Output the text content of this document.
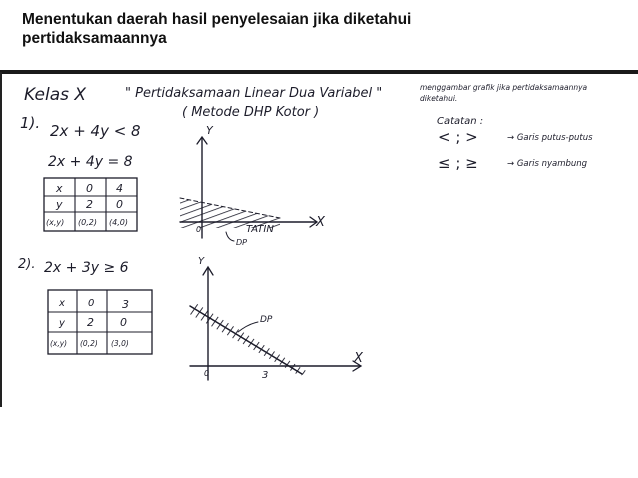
Menentukan daerah hasil penyelesaian jika diketahui
pertidaksamaannya
Kelas X	" Pertidaksamaan Linear Dua Variabel "
( Metode DHP Kotor )
menggambar grafik jika pertidaksamaannya
diketahui.
Catatan :
< ; >	→ Garis putus-putus
≤ ; ≥	→ Garis nyambung
1). 2x + 4y < 8
2x + 4y = 8
x 0 4
y 2 0
(x,y) (0,2) (4,0)
Y
X
0	TATIN
DP
2). 2x + 3y ≥ 6
x 0	3
y 2 0
(x,y) (0,2) (3,0)
Y
X
0	3
DP
